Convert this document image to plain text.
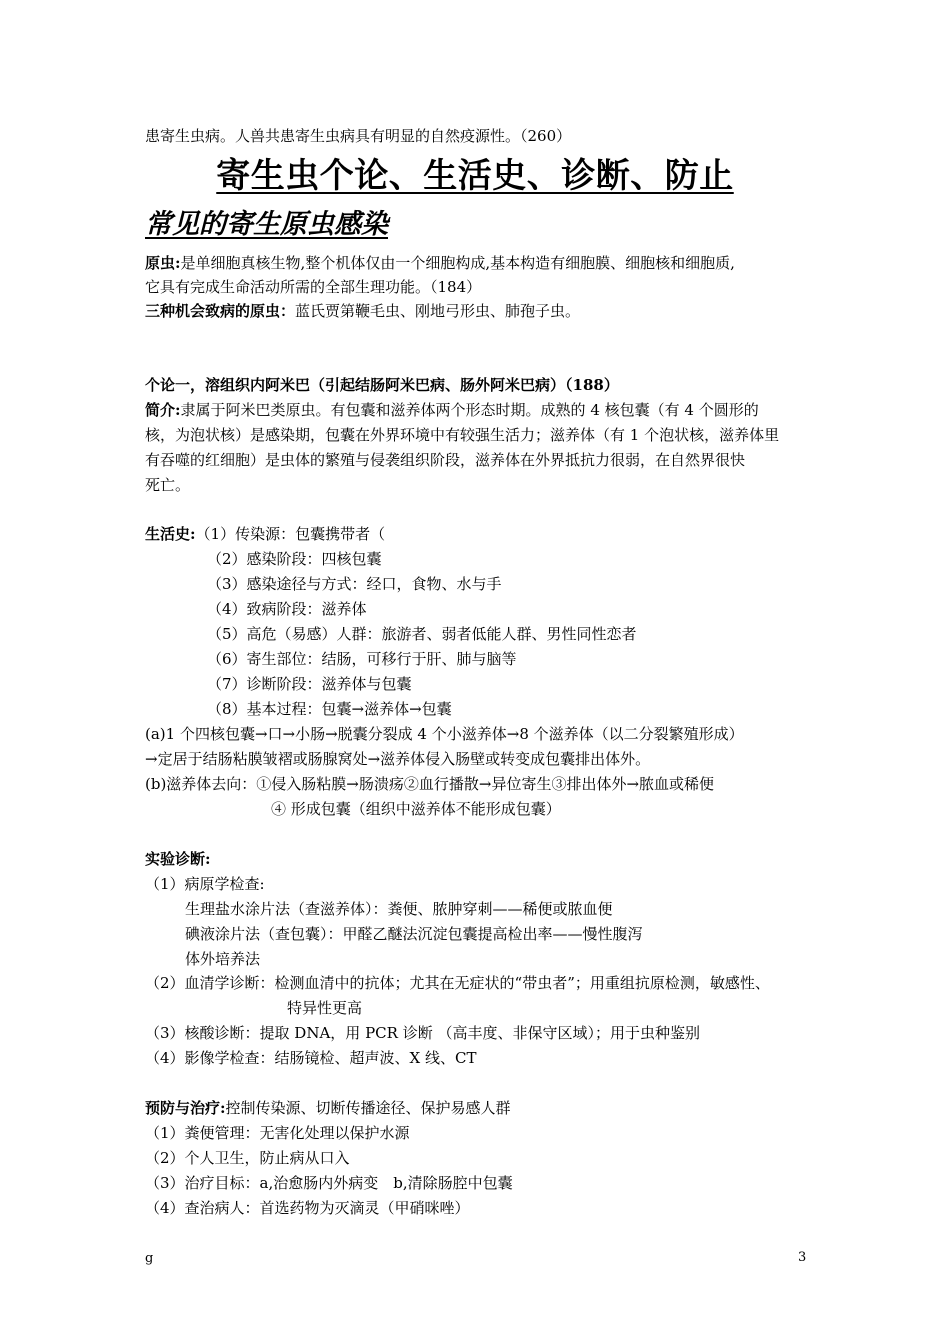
患寄生虫病。人兽共患寄生虫病具有明显的自然疫源性。（260）
寄生虫个论、生活史、诊断、防止
常见的寄生原虫感染
原虫:是单细胞真核生物,整个机体仅由一个细胞构成,基本构造有细胞膜、细胞核和细胞质,
它具有完成生命活动所需的全部生理功能。（184）
三种机会致病的原虫：蓝氏贾第鞭毛虫、刚地弓形虫、肺孢子虫。
个论一，溶组织内阿米巴（引起结肠阿米巴病、肠外阿米巴病）（188）
简介:隶属于阿米巴类原虫。有包囊和滋养体两个形态时期。成熟的 4 核包囊（有 4 个圆形的
核，为泡状核）是感染期，包囊在外界环境中有较强生活力；滋养体（有 1 个泡状核，滋养体里
有吞噬的红细胞）是虫体的繁殖与侵袭组织阶段，滋养体在外界抵抗力很弱，在自然界很快
死亡。
生活史:（1）传染源：包囊携带者（
（2）感染阶段：四核包囊
（3）感染途径与方式：经口，食物、水与手
（4）致病阶段：滋养体
（5）高危（易感）人群：旅游者、弱者低能人群、男性同性恋者
（6）寄生部位：结肠，可移行于肝、肺与脑等
（7）诊断阶段：滋养体与包囊
（8）基本过程：包囊→滋养体→包囊
(a)1 个四核包囊→口→小肠→脱囊分裂成 4 个小滋养体→8 个滋养体（以二分裂繁殖形成）
→定居于结肠粘膜皱褶或肠腺窝处→滋养体侵入肠壁或转变成包囊排出体外。
(b)滋养体去向：①侵入肠粘膜→肠溃疡②血行播散→异位寄生③排出体外→脓血或稀便
④ 形成包囊（组织中滋养体不能形成包囊）
实验诊断:
（1）病原学检查:
生理盐水涂片法（查滋养体）：粪便、脓肿穿刺——稀便或脓血便
碘液涂片法（查包囊）：甲醛乙醚法沉淀包囊提高检出率——慢性腹泻
体外培养法
（2）血清学诊断：检测血清中的抗体；尤其在无症状的“带虫者”；用重组抗原检测，敏感性、
特异性更高
（3）核酸诊断：提取 DNA，用 PCR 诊断 （高丰度、非保守区域）；用于虫种鉴别
（4）影像学检查：结肠镜检、超声波、X 线、CT
预防与治疗:控制传染源、切断传播途径、保护易感人群
（1）粪便管理：无害化处理以保护水源
（2）个人卫生，防止病从口入
（3）治疗目标：a,治愈肠内外病变　b,清除肠腔中包囊
（4）查治病人：首选药物为灭滴灵（甲硝咪唑）
g	3
